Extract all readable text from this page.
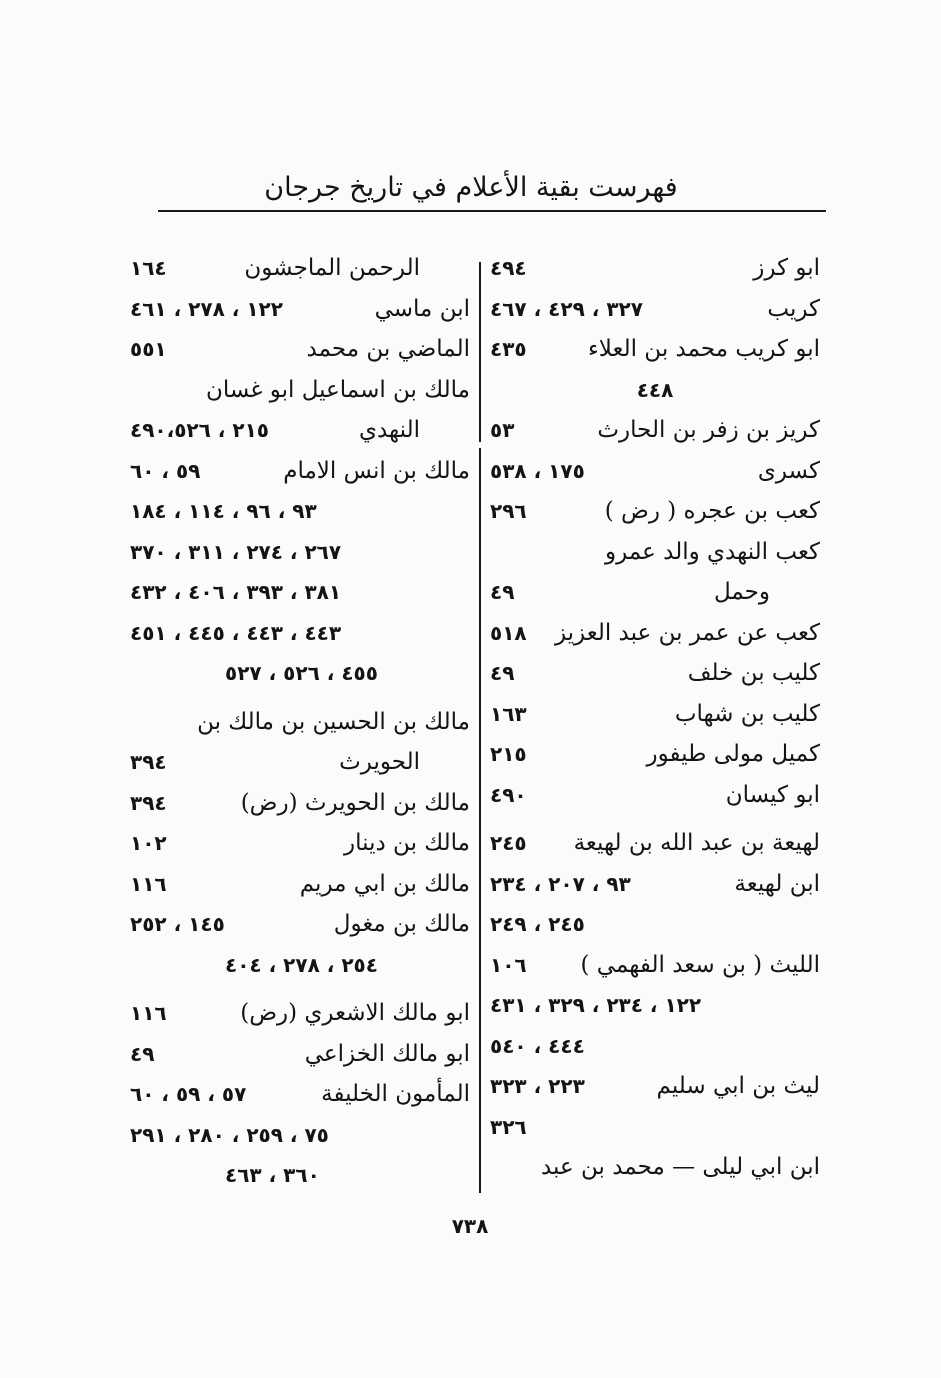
فهرست بقية الأعلام في تاريخ جرجان
ابو كرز
٤٩٤
كريب
٣٢٧ ، ٤٢٩ ، ٤٦٧
ابو كريب محمد بن العلاء
٤٣٥
٤٤٨
كريز بن زفر بن الحارث
٥٣
كسرى
١٧٥ ، ٥٣٨
كعب بن عجره ( رض )
٢٩٦
كعب النهدي والد عمرو
وحمل
٤٩
كعب عن عمر بن عبد العزيز
٥١٨
كليب بن خلف
٤٩
كليب بن شهاب
١٦٣
كميل مولى طيفور
٢١٥
ابو كيسان
٤٩٠
لهيعة بن عبد الله بن لهيعة
٢٤٥
ابن لهيعة
٩٣ ، ٢٠٧ ، ٢٣٤
٢٤٥ ، ٢٤٩
الليث ( بن سعد الفهمي )
١٠٦
١٢٢ ، ٢٣٤ ، ٣٢٩ ، ٤٣١
٤٤٤ ، ٥٤٠
ليث بن ابي سليم
٢٢٣ ، ٣٢٣
٣٢٦
ابن ابي ليلى — محمد بن عبد
الرحمن الماجشون
١٦٤
ابن ماسي
١٢٢ ، ٢٧٨ ، ٤٦١
الماضي بن محمد
٥٥١
مالك بن اسماعيل ابو غسان
النهدي
٢١٥ ، ٤٩٠،٥٢٦
مالك بن انس الامام
٥٩ ، ٦٠
٩٣ ، ٩٦ ، ١١٤ ، ١٨٤
٢٦٧ ، ٢٧٤ ، ٣١١ ، ٣٧٠
٣٨١ ، ٣٩٣ ، ٤٠٦ ، ٤٣٢
٤٤٣ ، ٤٤٣ ، ٤٤٥ ، ٤٥١
٤٥٥ ، ٥٢٦ ، ٥٢٧
مالك بن الحسين بن مالك بن
الحويرث
٣٩٤
مالك بن الحويرث (رض)
٣٩٤
مالك بن دينار
١٠٢
مالك بن ابي مريم
١١٦
مالك بن مغول
١٤٥ ، ٢٥٢
٢٥٤ ، ٢٧٨ ، ٤٠٤
ابو مالك الاشعري (رض)
١١٦
ابو مالك الخزاعي
٤٩
المأمون الخليفة
٥٧ ، ٥٩ ، ٦٠
٧٥ ، ٢٥٩ ، ٢٨٠ ، ٢٩١
٣٦٠ ، ٤٦٣
٧٣٨
